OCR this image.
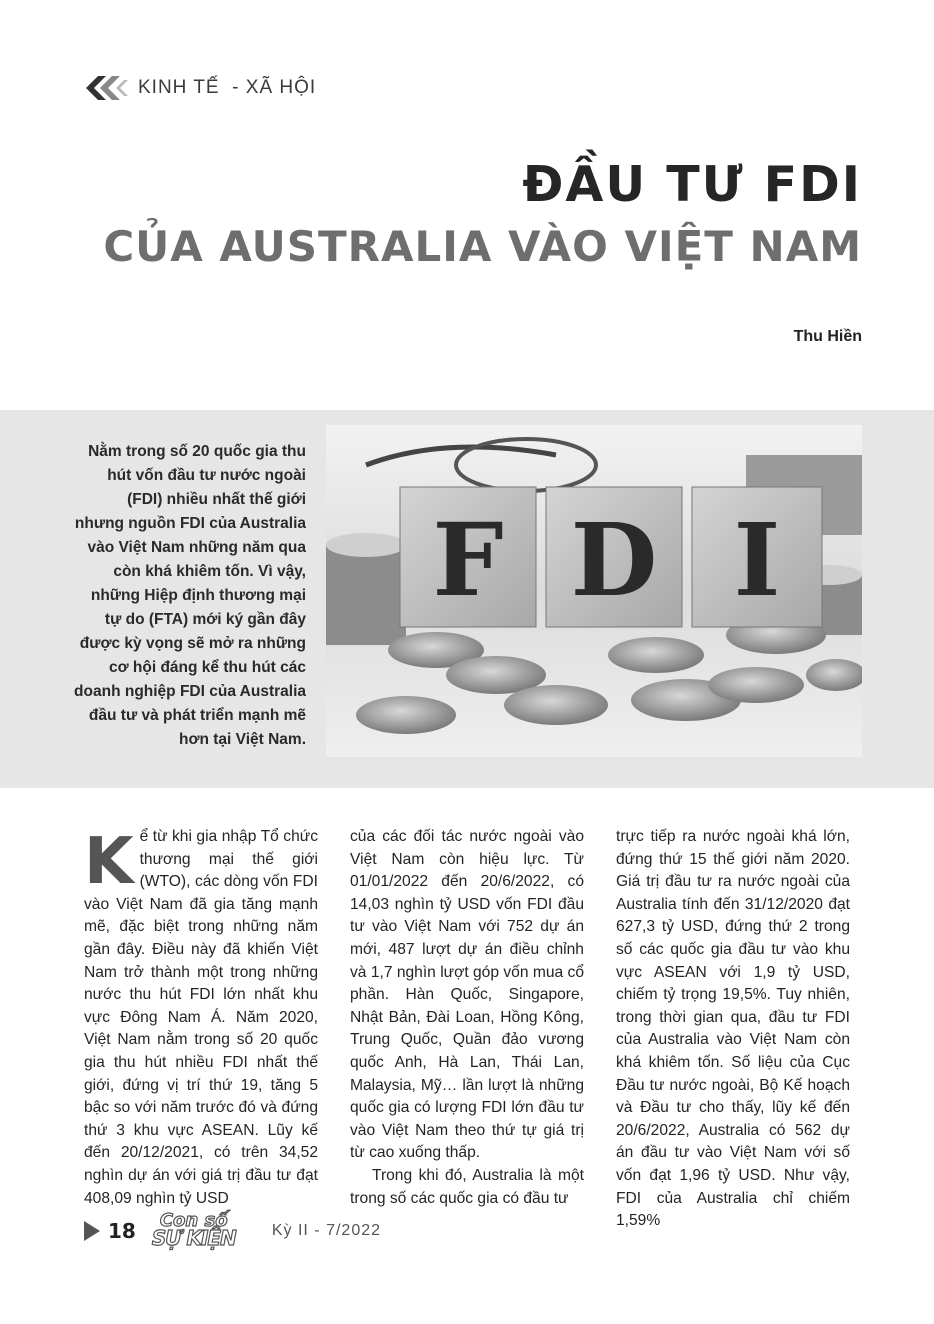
KINH TẾ  - XÃ HỘI
ĐẦU TƯ FDI
CỦA AUSTRALIA VÀO VIỆT NAM
Thu Hiền
Nằm trong số 20 quốc gia thu hút vốn đầu tư nước ngoài (FDI) nhiều nhất thế giới nhưng nguồn FDI của Australia vào Việt Nam những năm qua còn khá khiêm tốn. Vì vậy, những Hiệp định thương mại tự do (FTA) mới ký gần đây được kỳ vọng sẽ mở ra những cơ hội đáng kể thu hút các doanh nghiệp FDI của Australia đầu tư và phát triển mạnh mẽ hơn tại Việt Nam.
F D I
K ể từ khi gia nhập Tổ chức thương mại thế giới (WTO), các dòng vốn FDI vào Việt Nam đã gia tăng mạnh mẽ, đặc biệt trong những năm gần đây. Điều này đã khiến Việt Nam trở thành một trong những nước thu hút FDI lớn nhất khu vực Đông Nam Á. Năm 2020, Việt Nam nằm trong số 20 quốc gia thu hút nhiều FDI nhất thế giới, đứng vị trí thứ 19, tăng 5 bậc so với năm trước đó và đứng thứ 3 khu vực ASEAN. Lũy kế đến 20/12/2021, có trên 34,52 nghìn dự án với giá trị đầu tư đạt 408,09 nghìn tỷ USD

của các đối tác nước ngoài vào Việt Nam còn hiệu lực. Từ 01/01/2022 đến 20/6/2022, có 14,03 nghìn tỷ USD vốn FDI đầu tư vào Việt Nam với 752 dự án mới, 487 lượt dự án điều chỉnh và 1,7 nghìn lượt góp vốn mua cổ phần. Hàn Quốc, Singapore, Nhật Bản, Đài Loan, Hồng Kông, Trung Quốc, Quần đảo vương quốc Anh, Hà Lan, Thái Lan, Malaysia, Mỹ… lần lượt là những quốc gia có lượng FDI lớn đầu tư vào Việt Nam theo thứ tự giá trị từ cao xuống thấp.

Trong khi đó, Australia là một trong số các quốc gia có đầu tư

trực tiếp ra nước ngoài khá lớn, đứng thứ 15 thế giới năm 2020. Giá trị đầu tư ra nước ngoài của Australia tính đến 31/12/2020 đạt 627,3 tỷ USD, đứng thứ 2 trong số các quốc gia đầu tư vào khu vực ASEAN với 1,9 tỷ USD, chiếm tỷ trọng 19,5%. Tuy nhiên, trong thời gian qua, đầu tư FDI của Australia vào Việt Nam còn khá khiêm tốn. Số liệu của Cục Đầu tư nước ngoài, Bộ Kế hoạch và Đầu tư cho thấy, lũy kế đến 20/6/2022, Australia có 562 dự án đầu tư vào Việt Nam với số vốn đạt 1,96 tỷ USD. Như vậy, FDI của Australia chỉ chiếm 1,59%

18 Con số
SỰ KIỆN Kỳ II - 7/2022
